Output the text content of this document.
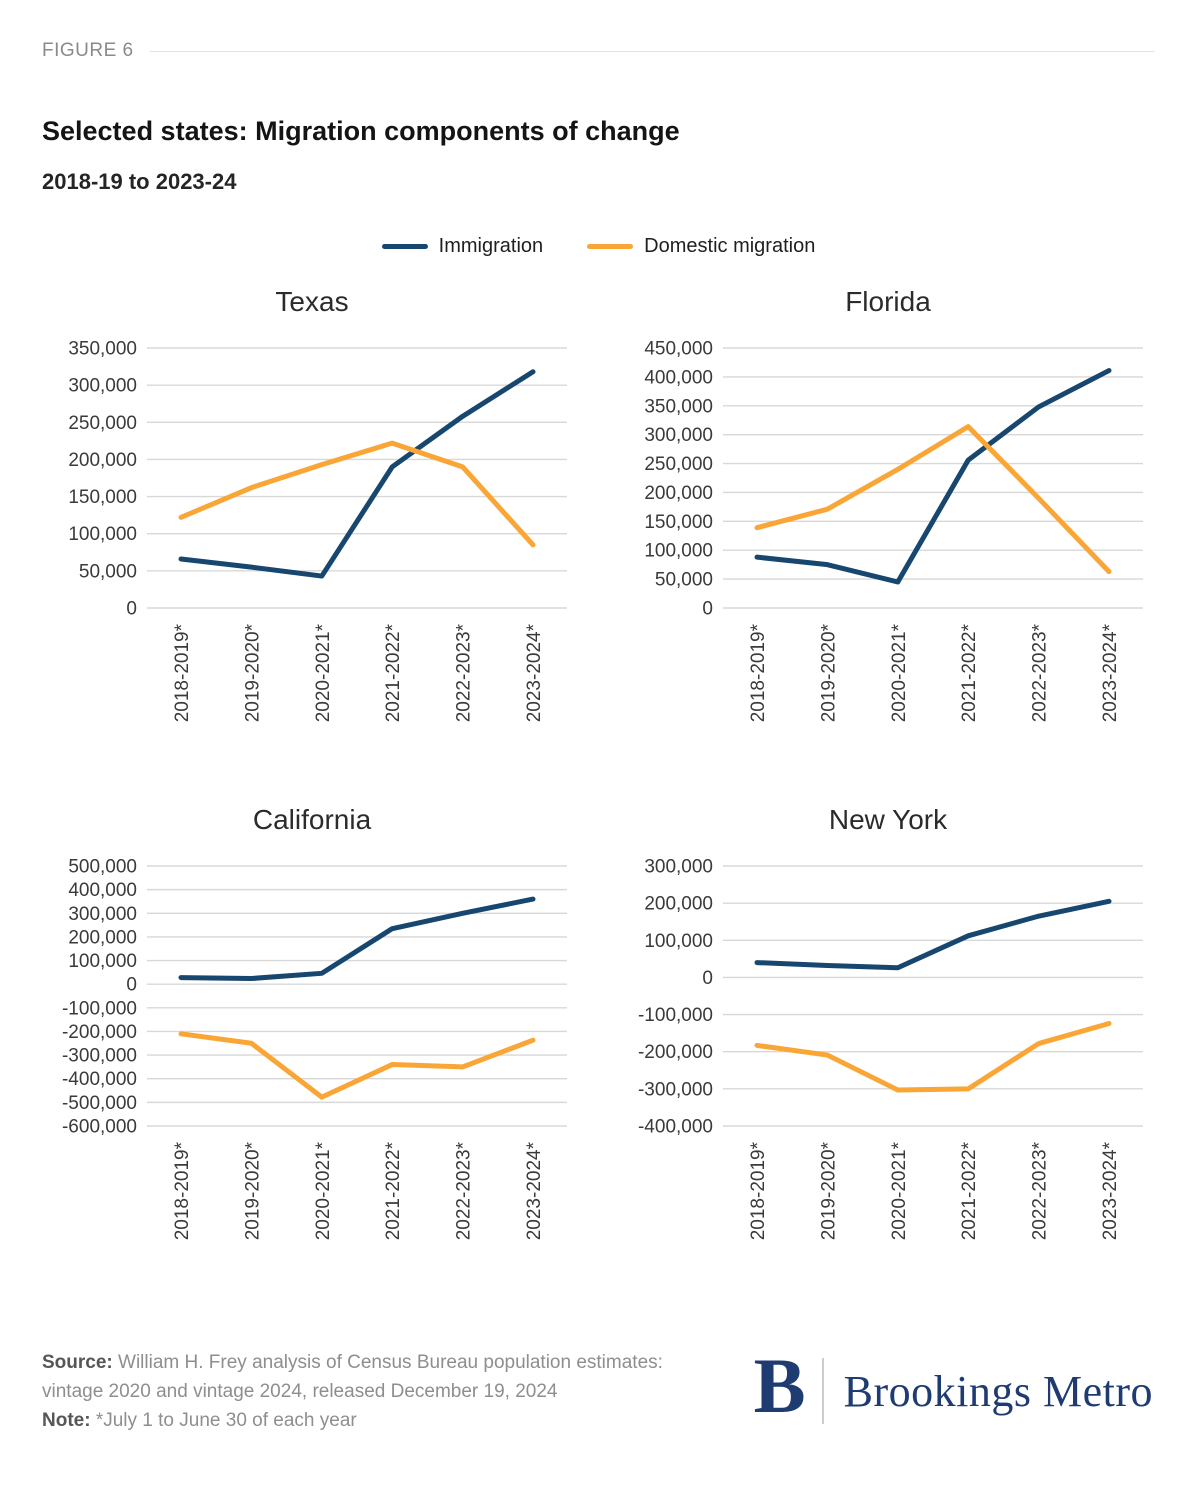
FIGURE 6
Selected states: Migration components of change
2018-19 to 2023-24
Immigration	Domestic migration
Texas
0
50,000
100,000
150,000
200,000
250,000
300,000
350,000
2018-2019*	2019-2020*	2020-2021*	2021-2022*	2022-2023*	2023-2024*
Florida
0
50,000
100,000
150,000
200,000
250,000
300,000
350,000
400,000
450,000
2018-2019*	2019-2020*	2020-2021*	2021-2022*	2022-2023*	2023-2024*
California
-600,000
-500,000
-400,000
-300,000
-200,000
-100,000
0
100,000
200,000
300,000
400,000
500,000
2018-2019*	2019-2020*	2020-2021*	2021-2022*	2022-2023*	2023-2024*
New York
-400,000
-300,000
-200,000
-100,000
0
100,000
200,000
300,000
2018-2019*	2019-2020*	2020-2021*	2021-2022*	2022-2023*	2023-2024*

Source: William H. Frey analysis of Census Bureau population estimates: vintage 2020 and vintage 2024, released December 19, 2024

Note: *July 1 to June 30 of each year	B Brookings Metro
